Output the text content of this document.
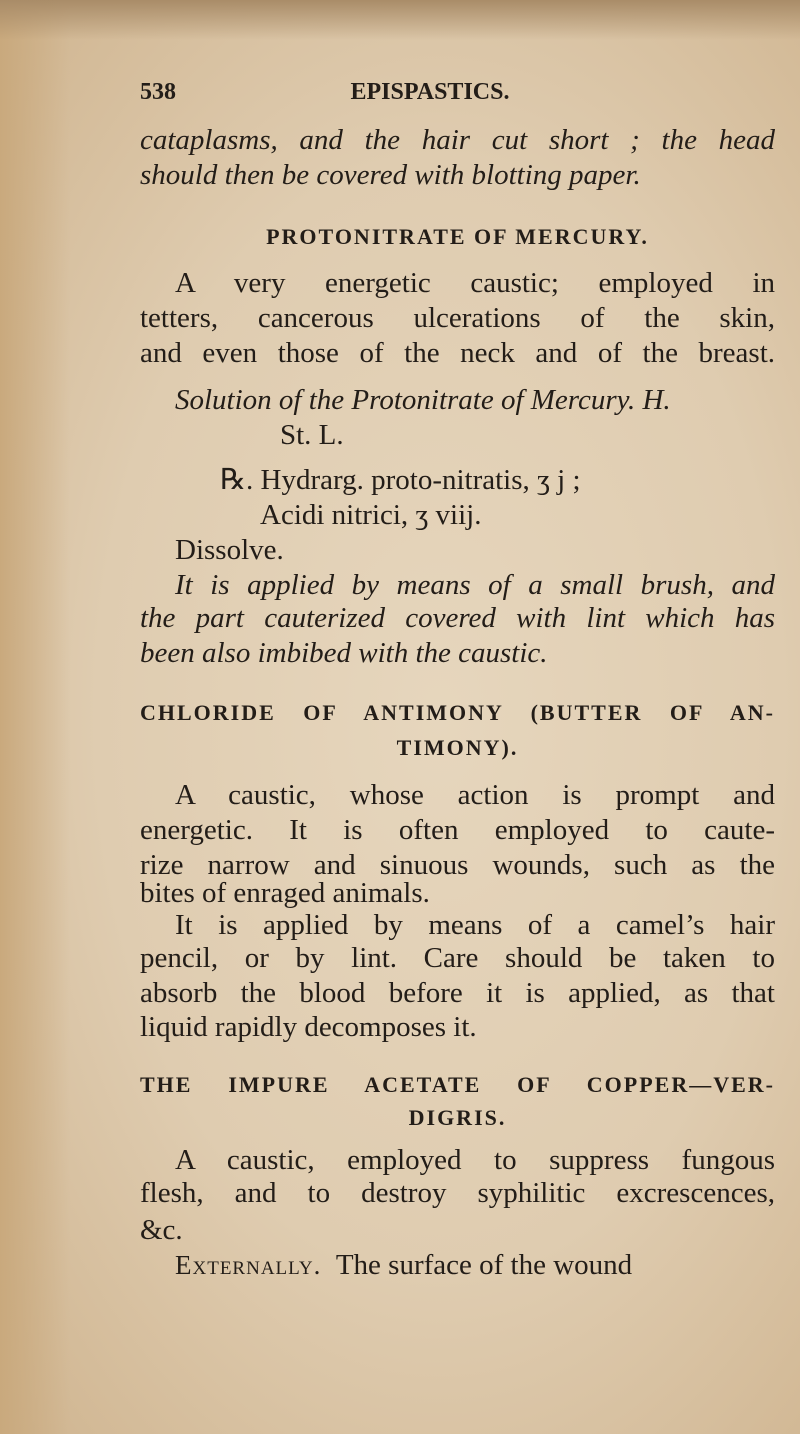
538	EPISPASTICS.
cataplasms, and the hair cut short ; the head
should then be covered with blotting paper.
PROTONITRATE OF MERCURY.
A very energetic caustic; employed in
tetters, cancerous ulcerations of the skin,
and even those of the neck and of the breast.
Solution of the Protonitrate of Mercury. H.
St. L.
℞. Hydrarg. proto-nitratis, ʒ j ;
Acidi nitrici, ʒ viij.
Dissolve.
It is applied by means of a small brush, and
the part cauterized covered with lint which has
been also imbibed with the caustic.
CHLORIDE OF ANTIMONY (BUTTER OF AN-
TIMONY).
A caustic, whose action is prompt and
energetic. It is often employed to caute-
rize narrow and sinuous wounds, such as the
bites of enraged animals.
It is applied by means of a camel’s hair
pencil, or by lint. Care should be taken to
absorb the blood before it is applied, as that
liquid rapidly decomposes it.
THE IMPURE ACETATE OF COPPER—VER-
DIGRIS.
A caustic, employed to suppress fungous
flesh, and to destroy syphilitic excrescences,
&c.
Externally. The surface of the wound
